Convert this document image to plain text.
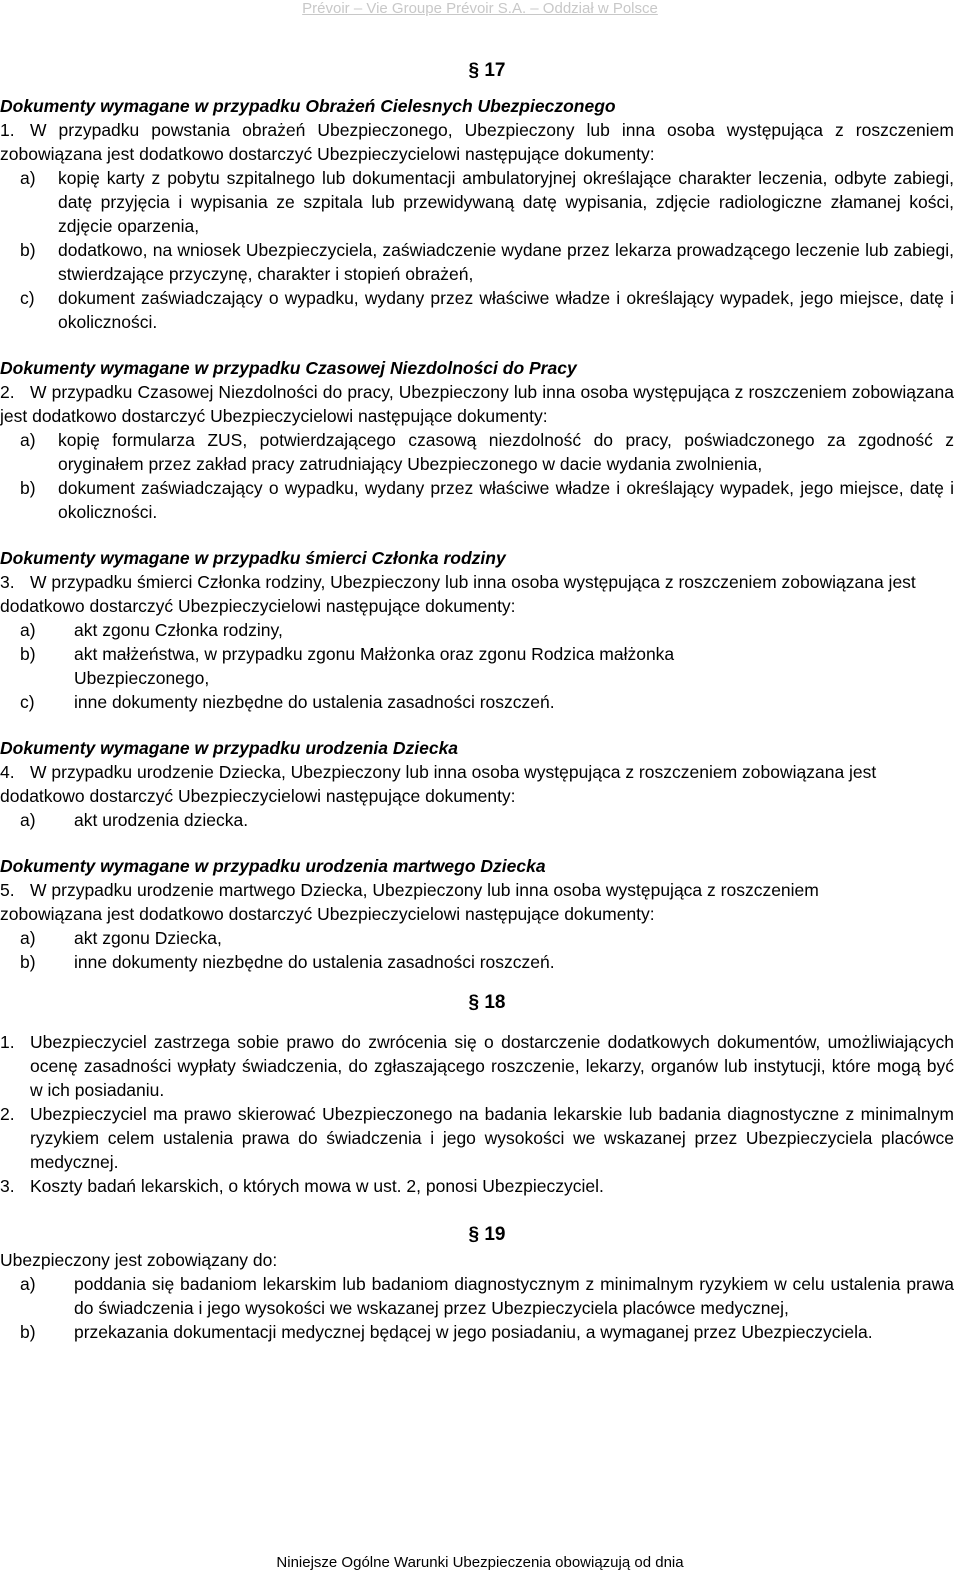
Prévoir – Vie Groupe Prévoir S.A. – Oddział w Polsce
§ 17

Dokumenty wymagane w przypadku Obrażeń Cielesnych Ubezpieczonego

1. W przypadku powstania obrażeń Ubezpieczonego, Ubezpieczony lub inna osoba występująca z roszczeniem zobowiązana jest dodatkowo dostarczyć Ubezpieczycielowi następujące dokumenty:
a)	kopię karty z pobytu szpitalnego lub dokumentacji ambulatoryjnej określające charakter leczenia, odbyte zabiegi, datę przyjęcia i wypisania ze szpitala lub przewidywaną datę wypisania, zdjęcie radiologiczne złamanej kości, zdjęcie oparzenia,
b)	dodatkowo, na wniosek Ubezpieczyciela, zaświadczenie wydane przez lekarza prowadzącego leczenie lub zabiegi, stwierdzające przyczynę, charakter i stopień obrażeń,
c)	dokument zaświadczający o wypadku, wydany przez właściwe władze i określający wypadek, jego miejsce, datę i okoliczności.

Dokumenty wymagane w przypadku Czasowej Niezdolności do Pracy

2. W przypadku Czasowej Niezdolności do pracy, Ubezpieczony lub inna osoba występująca z roszczeniem zobowiązana jest dodatkowo dostarczyć Ubezpieczycielowi następujące dokumenty:
a)	kopię formularza ZUS, potwierdzającego czasową niezdolność do pracy, poświadczonego za zgodność z oryginałem przez zakład pracy zatrudniający Ubezpieczonego w dacie wydania zwolnienia,
b)	dokument zaświadczający o wypadku, wydany przez właściwe władze i określający wypadek, jego miejsce, datę i okoliczności.

Dokumenty wymagane w przypadku śmierci Członka rodziny

3. W przypadku śmierci Członka rodziny, Ubezpieczony lub inna osoba występująca z roszczeniem zobowiązana jest dodatkowo dostarczyć Ubezpieczycielowi następujące dokumenty:
a)	akt zgonu Członka rodziny,
b)	akt małżeństwa, w przypadku zgonu Małżonka oraz zgonu Rodzica małżonka Ubezpieczonego,
c)	inne dokumenty niezbędne do ustalenia zasadności roszczeń.

Dokumenty wymagane w przypadku urodzenia Dziecka

4. W przypadku urodzenie Dziecka, Ubezpieczony lub inna osoba występująca z roszczeniem zobowiązana jest dodatkowo dostarczyć Ubezpieczycielowi następujące dokumenty:
a)	akt urodzenia dziecka.

Dokumenty wymagane w przypadku urodzenia martwego Dziecka

5. W przypadku urodzenie martwego Dziecka, Ubezpieczony lub inna osoba występująca z roszczeniem zobowiązana jest dodatkowo dostarczyć Ubezpieczycielowi następujące dokumenty:
a)	akt zgonu Dziecka,
b)	inne dokumenty niezbędne do ustalenia zasadności roszczeń.
§ 18
1. Ubezpieczyciel zastrzega sobie prawo do zwrócenia się o dostarczenie dodatkowych dokumentów, umożliwiających ocenę zasadności wypłaty świadczenia, do zgłaszającego roszczenie, lekarzy, organów lub instytucji, które mogą być w ich posiadaniu.
2. Ubezpieczyciel ma prawo skierować Ubezpieczonego na badania lekarskie lub badania diagnostyczne z minimalnym ryzykiem celem ustalenia prawa do świadczenia i jego wysokości we wskazanej przez Ubezpieczyciela placówce medycznej.
3. Koszty badań lekarskich, o których mowa w ust. 2, ponosi Ubezpieczyciel.
§ 19

Ubezpieczony jest zobowiązany do:

a)	poddania się badaniom lekarskim lub badaniom diagnostycznym z minimalnym ryzykiem w celu ustalenia prawa do świadczenia i jego wysokości we wskazanej przez Ubezpieczyciela placówce medycznej,
b)	przekazania dokumentacji medycznej będącej w jego posiadaniu, a wymaganej przez Ubezpieczyciela.
Niniejsze Ogólne Warunki Ubezpieczenia obowiązują od dnia
